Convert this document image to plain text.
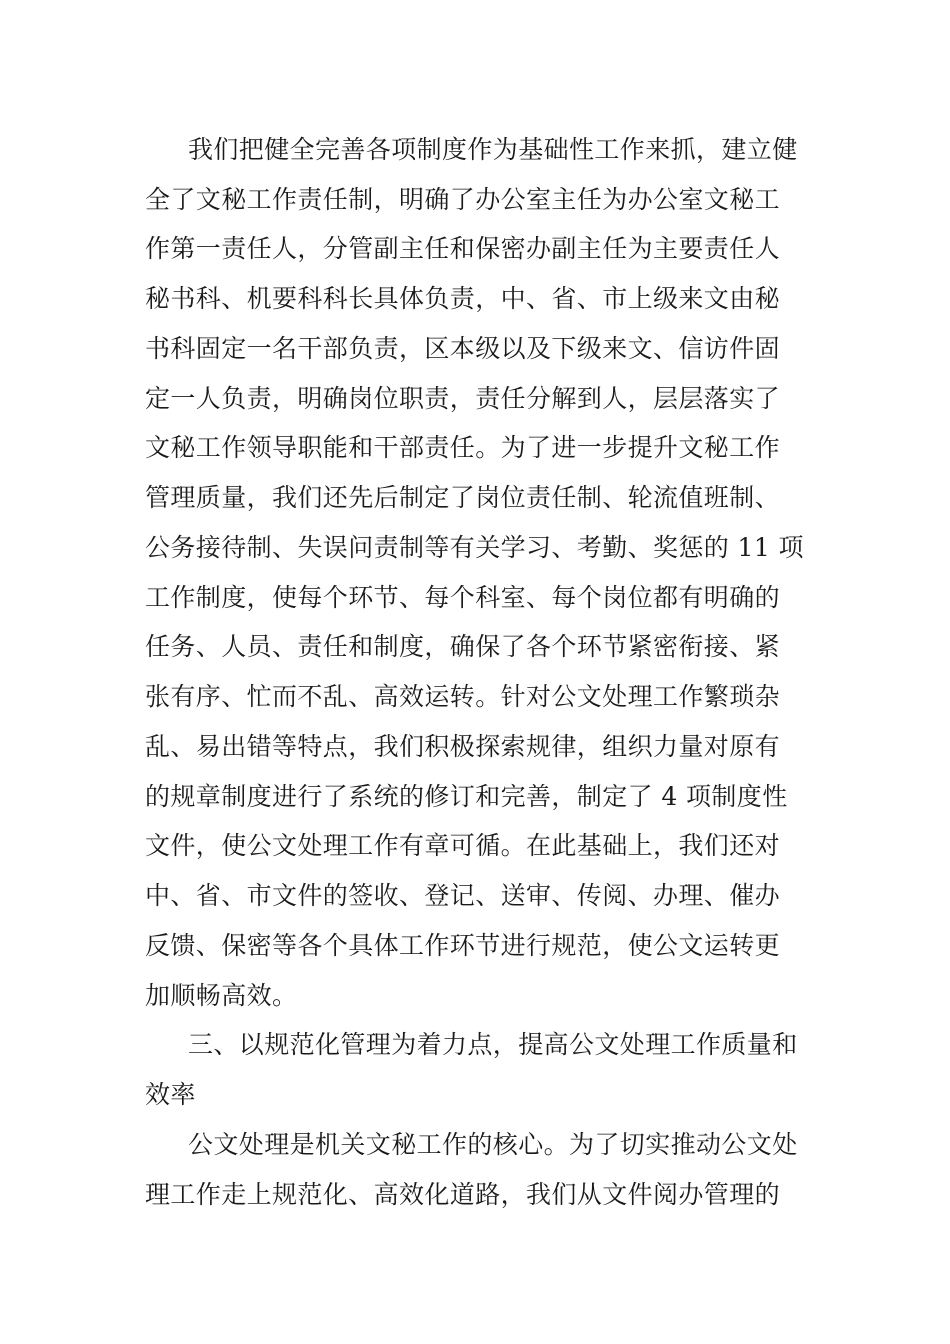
我们把健全完善各项制度作为基础性工作来抓，建立健
全了文秘工作责任制，明确了办公室主任为办公室文秘工
作第一责任人，分管副主任和保密办副主任为主要责任人
秘书科、机要科科长具体负责，中、省、市上级来文由秘
书科固定一名干部负责，区本级以及下级来文、信访件固
定一人负责，明确岗位职责，责任分解到人，层层落实了
文秘工作领导职能和干部责任。为了进一步提升文秘工作
管理质量，我们还先后制定了岗位责任制、轮流值班制、
公务接待制、失误问责制等有关学习、考勤、奖惩的 11 项
工作制度，使每个环节、每个科室、每个岗位都有明确的
任务、人员、责任和制度，确保了各个环节紧密衔接、紧
张有序、忙而不乱、高效运转。针对公文处理工作繁琐杂
乱、易出错等特点，我们积极探索规律，组织力量对原有
的规章制度进行了系统的修订和完善，制定了 4 项制度性
文件，使公文处理工作有章可循。在此基础上，我们还对
中、省、市文件的签收、登记、送审、传阅、办理、催办
反馈、保密等各个具体工作环节进行规范，使公文运转更
加顺畅高效。
三、以规范化管理为着力点，提高公文处理工作质量和
效率
公文处理是机关文秘工作的核心。为了切实推动公文处
理工作走上规范化、高效化道路，我们从文件阅办管理的
